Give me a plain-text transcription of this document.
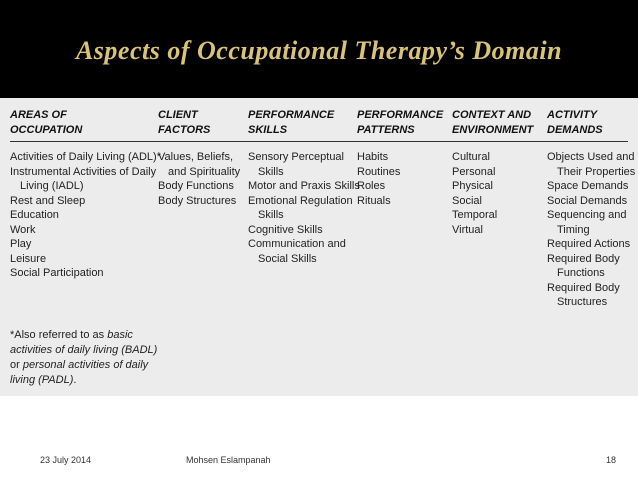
Aspects of Occupational Therapy’s Domain
AREAS OF
OCCUPATION
CLIENT
FACTORS
PERFORMANCE
SKILLS
PERFORMANCE
PATTERNS
CONTEXT AND
ENVIRONMENT
ACTIVITY
DEMANDS
Activities of Daily Living (ADL)*
Instrumental Activities of Daily
Living (IADL)
Rest and Sleep
Education
Work
Play
Leisure
Social Participation
Values, Beliefs,
and Spirituality
Body Functions
Body Structures
Sensory Perceptual
Skills
Motor and Praxis Skills
Emotional Regulation
Skills
Cognitive Skills
Communication and
Social Skills
Habits
Routines
Roles
Rituals
Cultural
Personal
Physical
Social
Temporal
Virtual
Objects Used and
Their Properties
Space Demands
Social Demands
Sequencing and
Timing
Required Actions
Required Body
Functions
Required Body
Structures
*Also referred to as basic activities of daily living (BADL) or personal activities of daily living (PADL).
23 July 2014	Mohsen Eslampanah	18
